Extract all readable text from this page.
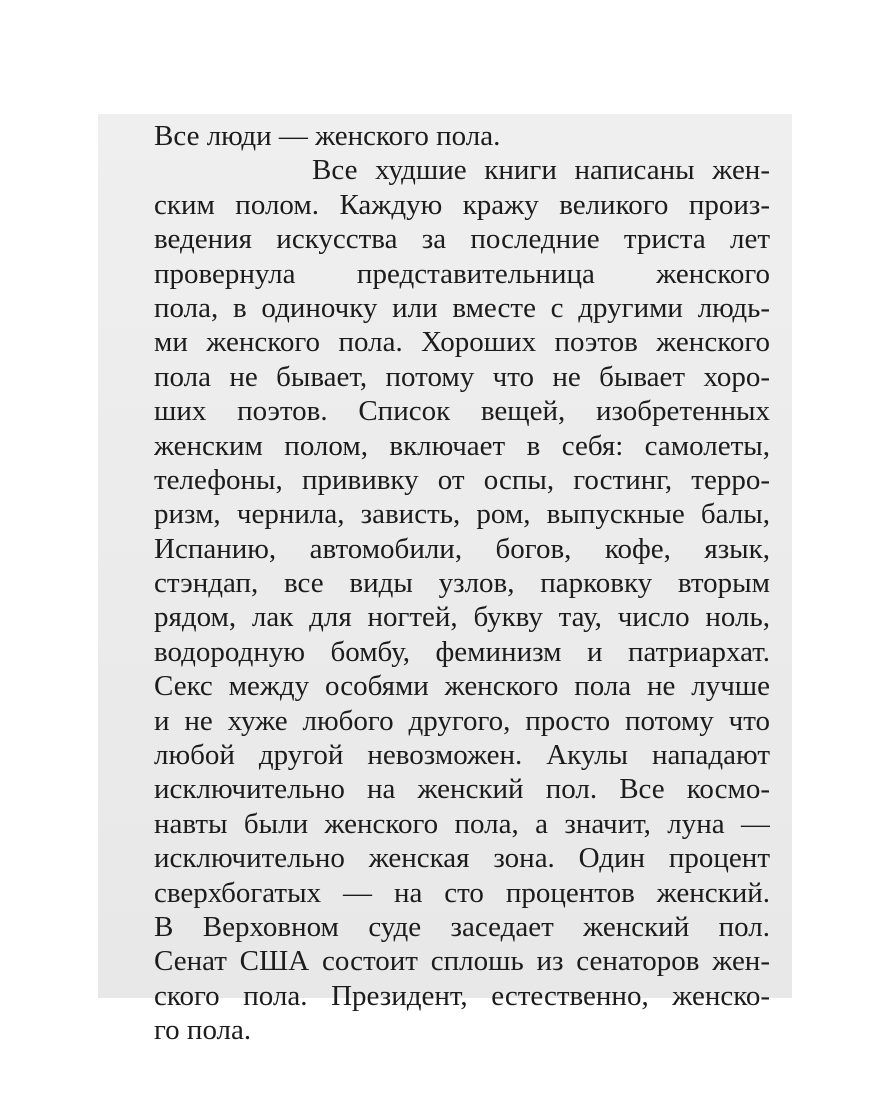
Все люди — женского пола.
Все худшие книги написаны жен-
ским полом. Каждую кражу великого произ-
ведения искусства за последние триста лет
провернула представительница женского
пола, в одиночку или вместе с другими людь-
ми женского пола. Хороших поэтов женского
пола не бывает, потому что не бывает хоро-
ших поэтов. Список вещей, изобретенных
женским полом, включает в себя: самолеты,
телефоны, прививку от оспы, гостинг, терро-
ризм, чернила, зависть, ром, выпускные балы,
Испанию, автомобили, богов, кофе, язык,
стэндап, все виды узлов, парковку вторым
рядом, лак для ногтей, букву тау, число ноль,
водородную бомбу, феминизм и патриархат.
Секс между особями женского пола не лучше
и не хуже любого другого, просто потому что
любой другой невозможен. Акулы нападают
исключительно на женский пол. Все космо-
навты были женского пола, а значит, луна —
исключительно женская зона. Один процент
сверхбогатых — на сто процентов женский.
В Верховном суде заседает женский пол.
Сенат США состоит сплошь из сенаторов жен-
ского пола. Президент, естественно, женско-
го пола.
